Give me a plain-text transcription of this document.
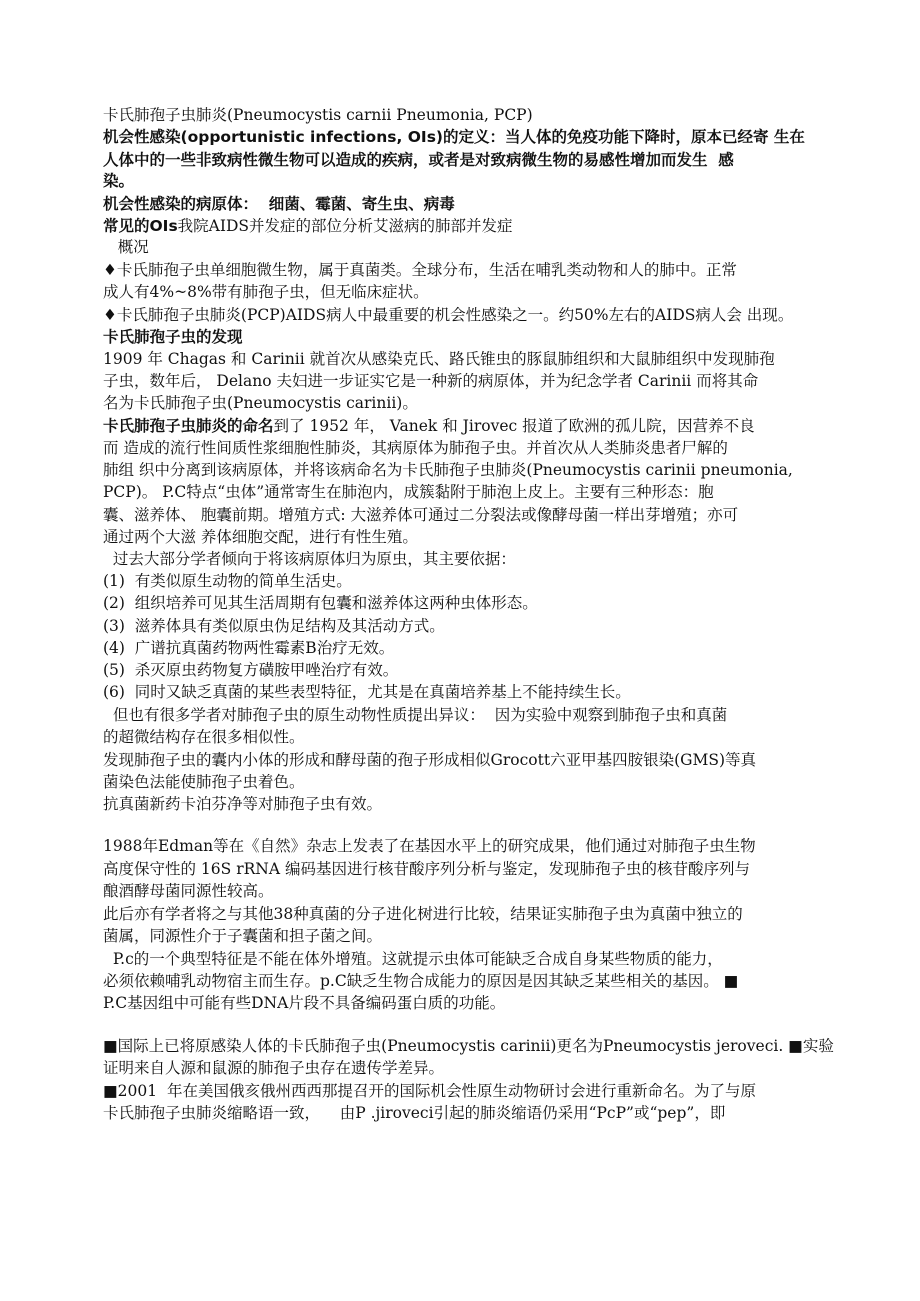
卡氏肺孢子虫肺炎(Pneumocystis carnii Pneumonia, PCP)
机会性感染(opportunistic infections, OIs)的定义：当人体的免疫功能下降时，原本已经寄 生在
人体中的一些非致病性微生物可以造成的疾病，或者是对致病微生物的易感性增加而发生  感
染。
机会性感染的病原体：  细菌、霉菌、寄生虫、病毒
常见的OIs我院AIDS并发症的部位分析艾滋病的肺部并发症
概况
♦卡氏肺孢子虫单细胞微生物，属于真菌类。全球分布，生活在哺乳类动物和人的肺中。正常
成人有4%~8%带有肺孢子虫，但无临床症状。
♦卡氏肺孢子虫肺炎(PCP)AIDS病人中最重要的机会性感染之一。约50%左右的AIDS病人会 出现。
卡氏肺孢子虫的发现
1909 年 Chagas 和 Carinii 就首次从感染克氏、路氏锥虫的豚鼠肺组织和大鼠肺组织中发现肺孢
子虫，数年后， Delano 夫妇进一步证实它是一种新的病原体，并为纪念学者 Carinii 而将其命
名为卡氏肺孢子虫(Pneumocystis carinii)。
卡氏肺孢子虫肺炎的命名到了 1952 年， Vanek 和 Jirovec 报道了欧洲的孤儿院，因营养不良
而 造成的流行性间质性浆细胞性肺炎，其病原体为肺孢子虫。并首次从人类肺炎患者尸解的
肺组 织中分离到该病原体，并将该病命名为卡氏肺孢子虫肺炎(Pneumocystis carinii pneumonia,
PCP)。 P.C特点“虫体”通常寄生在肺泡内，成簇黏附于肺泡上皮上。主要有三种形态：胞
囊、滋养体、 胞囊前期。增殖方式: 大滋养体可通过二分裂法或像酵母菌一样出芽增殖；亦可
通过两个大滋 养体细胞交配，进行有性生殖。
过去大部分学者倾向于将该病原体归为原虫，其主要依据：
(1)  有类似原生动物的简单生活史。
(2)  组织培养可见其生活周期有包囊和滋养体这两种虫体形态。
(3)  滋养体具有类似原虫伪足结构及其活动方式。
(4)  广谱抗真菌药物两性霉素B治疗无效。
(5)  杀灭原虫药物复方磺胺甲唑治疗有效。
(6)  同时又缺乏真菌的某些表型特征，尤其是在真菌培养基上不能持续生长。
但也有很多学者对肺孢子虫的原生动物性质提出异议：  因为实验中观察到肺孢子虫和真菌
的超微结构存在很多相似性。
发现肺孢子虫的囊内小体的形成和酵母菌的孢子形成相似Grocott六亚甲基四胺银染(GMS)等真
菌染色法能使肺孢子虫着色。
抗真菌新药卡泊芬净等对肺孢子虫有效。
1988年Edman等在《自然》杂志上发表了在基因水平上的研究成果，他们通过对肺孢子虫生物
高度保守性的 16S rRNA 编码基因进行核苷酸序列分析与鉴定，发现肺孢子虫的核苷酸序列与
酿酒酵母菌同源性较高。
此后亦有学者将之与其他38种真菌的分子进化树进行比较，结果证实肺孢子虫为真菌中独立的
菌属，同源性介于子囊菌和担子菌之间。
P.c的一个典型特征是不能在体外增殖。这就提示虫体可能缺乏合成自身某些物质的能力，
必须依赖哺乳动物宿主而生存。p.C缺乏生物合成能力的原因是因其缺乏某些相关的基因。 ■
P.C基因组中可能有些DNA片段不具备编码蛋白质的功能。
■国际上已将原感染人体的卡氏肺孢子虫(Pneumocystis carinii)更名为Pneumocystis jeroveci. ■实验
证明来自人源和鼠源的肺孢子虫存在遗传学差异。
■2001  年在美国俄亥俄州西西那提召开的国际机会性原生动物研讨会进行重新命名。为了与原
卡氏肺孢子虫肺炎缩略语一致，    由P .jiroveci引起的肺炎缩语仍采用“PcP”或“pep”，即
